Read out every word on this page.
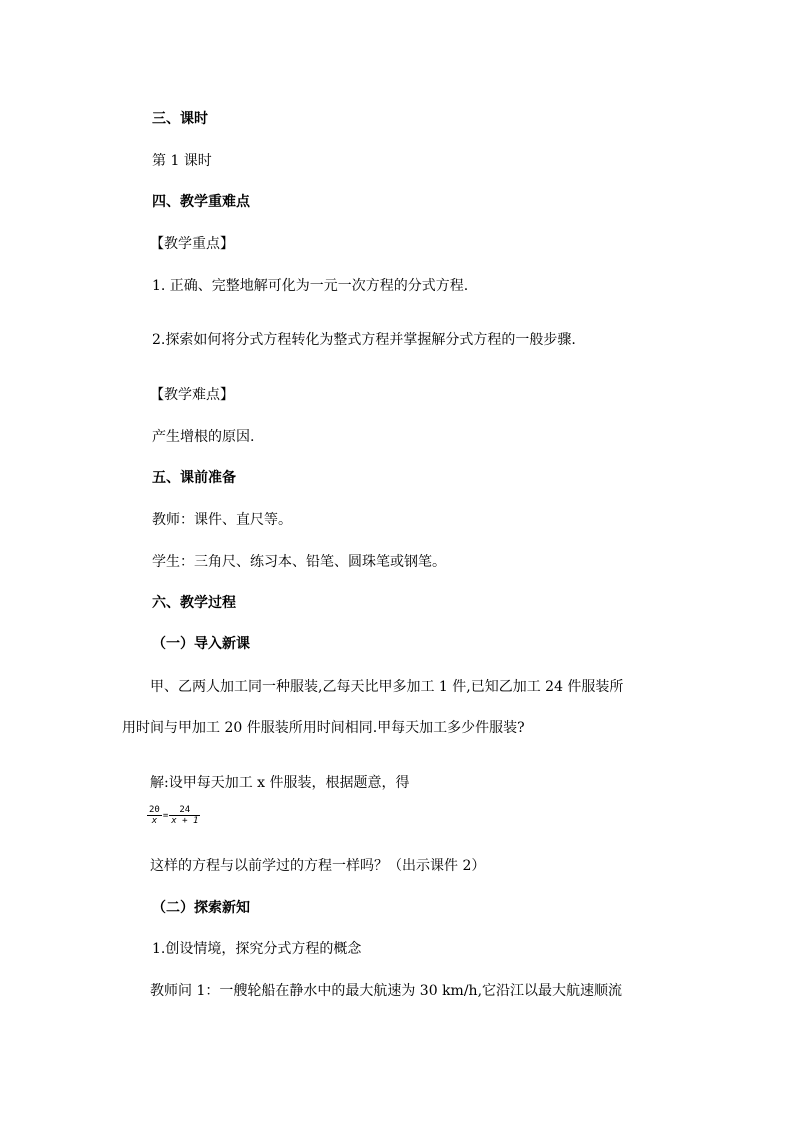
三、课时
第 1 课时
四、教学重难点
【教学重点】
1. 正确、完整地解可化为一元一次方程的分式方程.
2.探索如何将分式方程转化为整式方程并掌握解分式方程的一般步骤.
【教学难点】
产生增根的原因.
五、课前准备
教师：课件、直尺等。
学生：三角尺、练习本、铅笔、圆珠笔或钢笔。
六、教学过程
（一）导入新课
甲、乙两人加工同一种服装,乙每天比甲多加工 1 件,已知乙加工 24 件服装所
用时间与甲加工 20 件服装所用时间相同.甲每天加工多少件服装?
解:设甲每天加工 x 件服装，根据题意，得
$\frac{20}{x} = \frac{24}{x + 1}$
这样的方程与以前学过的方程一样吗？（出示课件 2）
（二）探索新知
1.创设情境，探究分式方程的概念
教师问 1：一艘轮船在静水中的最大航速为 30 km/h,它沿江以最大航速顺流
